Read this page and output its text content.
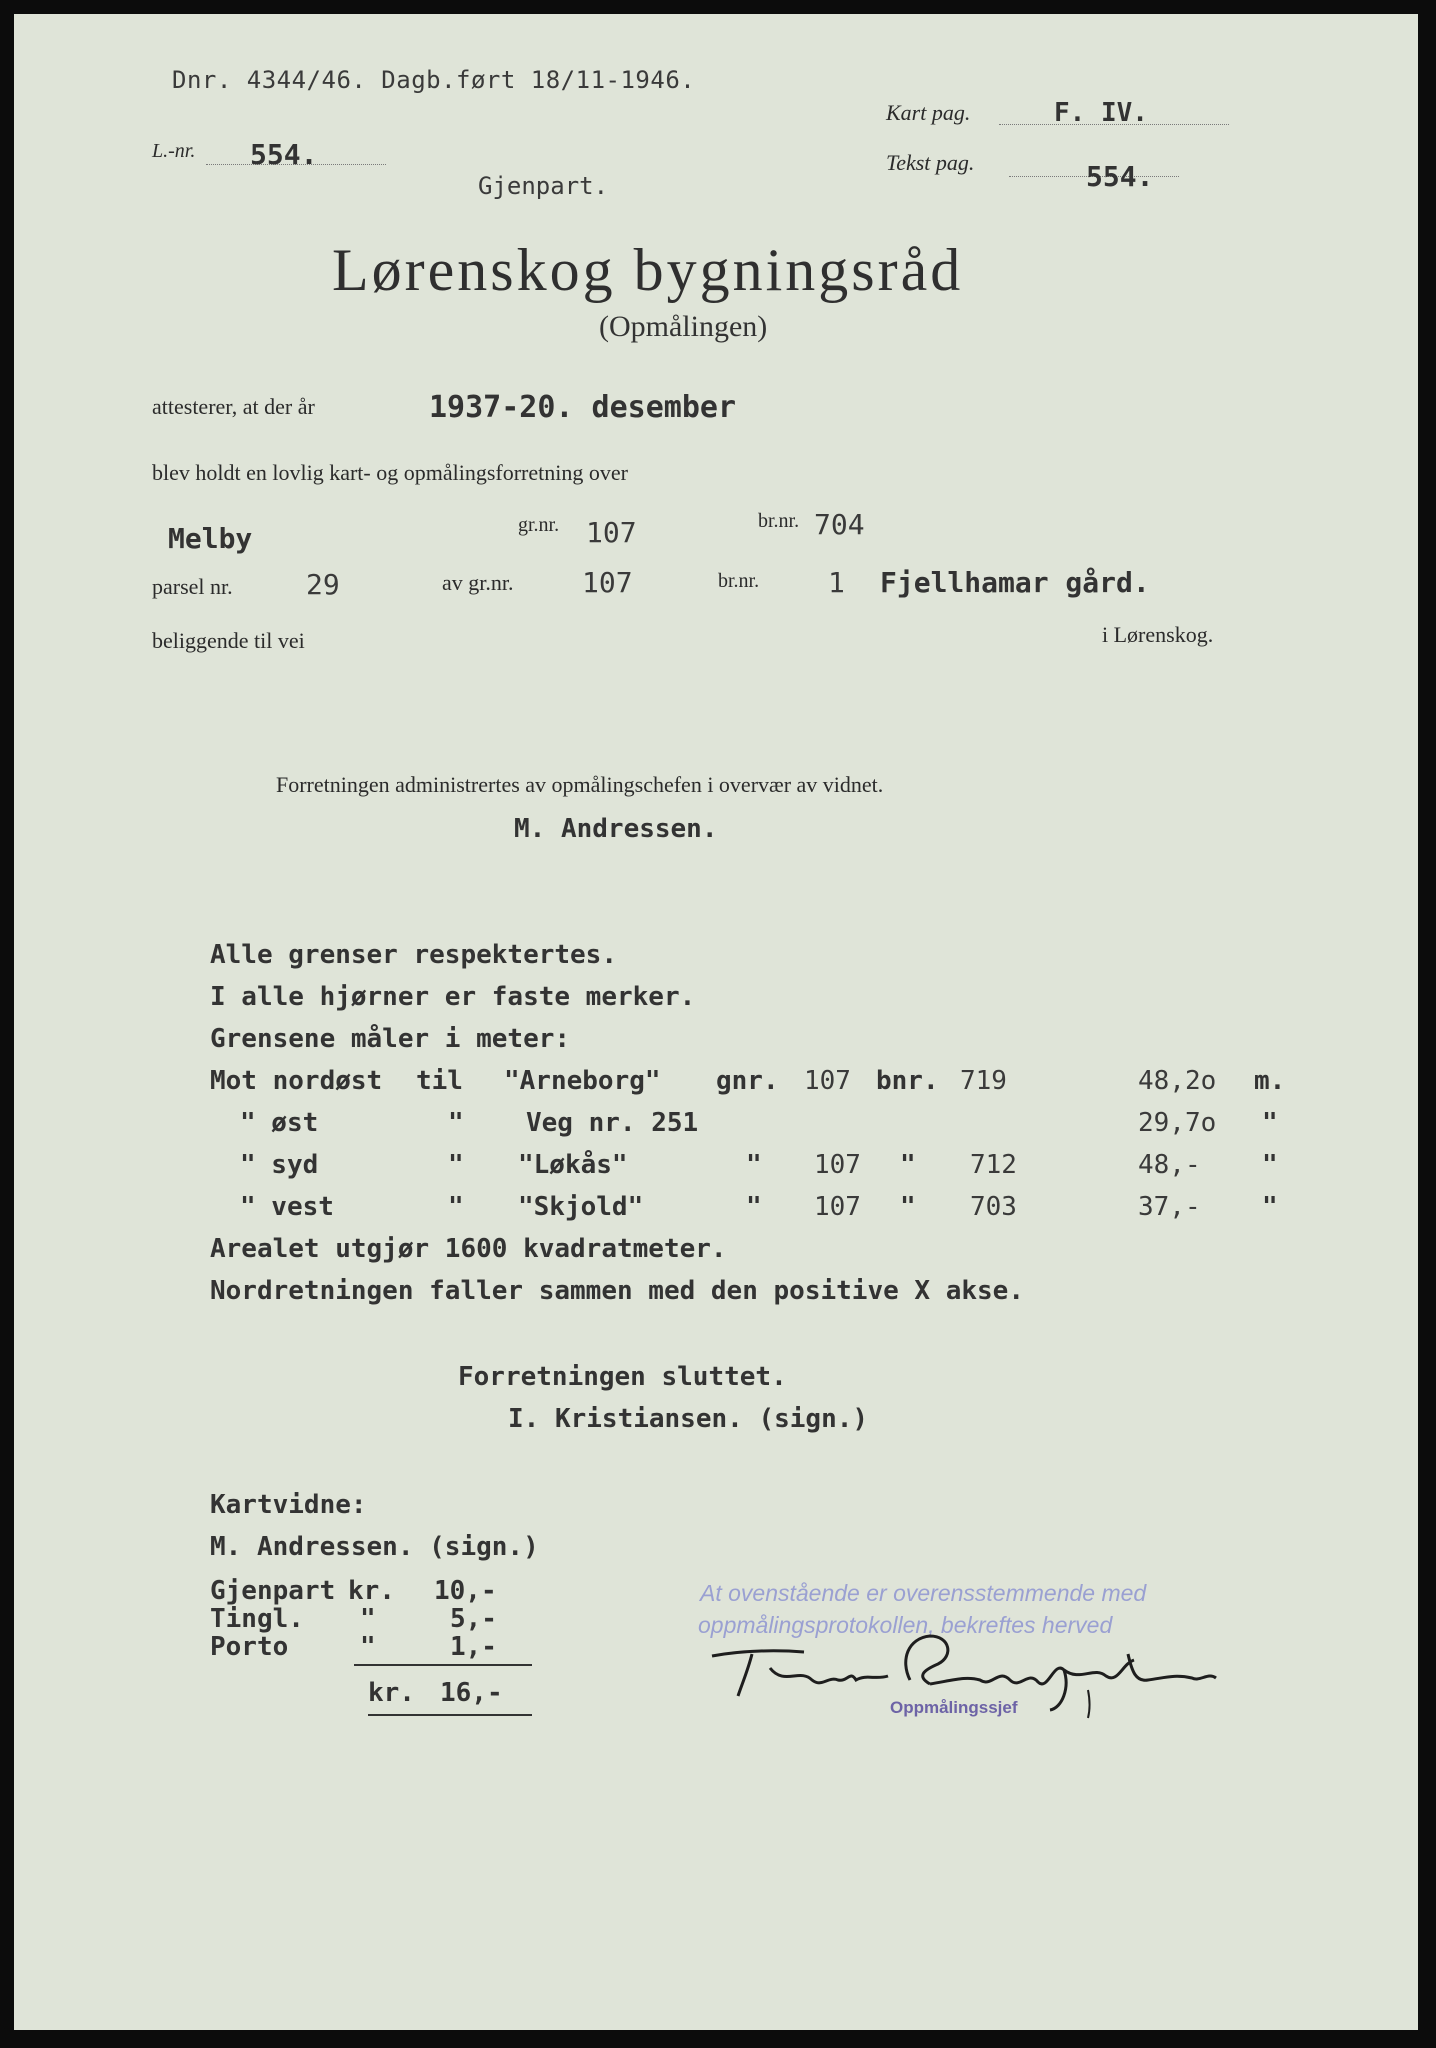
Dnr. 4344/46. Dagb.ført 18/11-1946.
Kart pag.	F. IV.
L.-nr. 554.	Tekst pag.	554.
Gjenpart.
Lørenskog bygningsråd
(Opmålingen)
attesterer, at der år	1937-20. desember
blev holdt en lovlig kart- og opmålingsforretning over
Melby	gr.nr. 107	br.nr. 704
parsel nr.	29	av gr.nr. 107	br.nr. 1 Fjellhamar gård.
beliggende til vei	i Lørenskog.
Forretningen administrertes av opmålingschefen i overvær av vidnet.
M. Andressen.
Alle grenser respektertes.
I alle hjørner er faste merker.
Grensene måler i meter:
Mot nordøst til "Arneborg" gnr. 107 bnr. 719	48,2o m.
" øst	" Veg nr. 251	29,7o "
" syd	" "Løkås"	" 107 " 712	48,- "
" vest	" "Skjold"	" 107 " 703	37,- "
Arealet utgjør 1600 kvadratmeter.
Nordretningen faller sammen med den positive X akse.
Forretningen sluttet.
I. Kristiansen. (sign.)
Kartvidne:
M. Andressen. (sign.)
Gjenpart kr. 10,-
Tingl. "	5,-
Porto	"	1,-
kr. 16,-
At ovenstående er overensstemmende med
oppmålingsprotokollen, bekreftes herved
Oppmålingssjef
